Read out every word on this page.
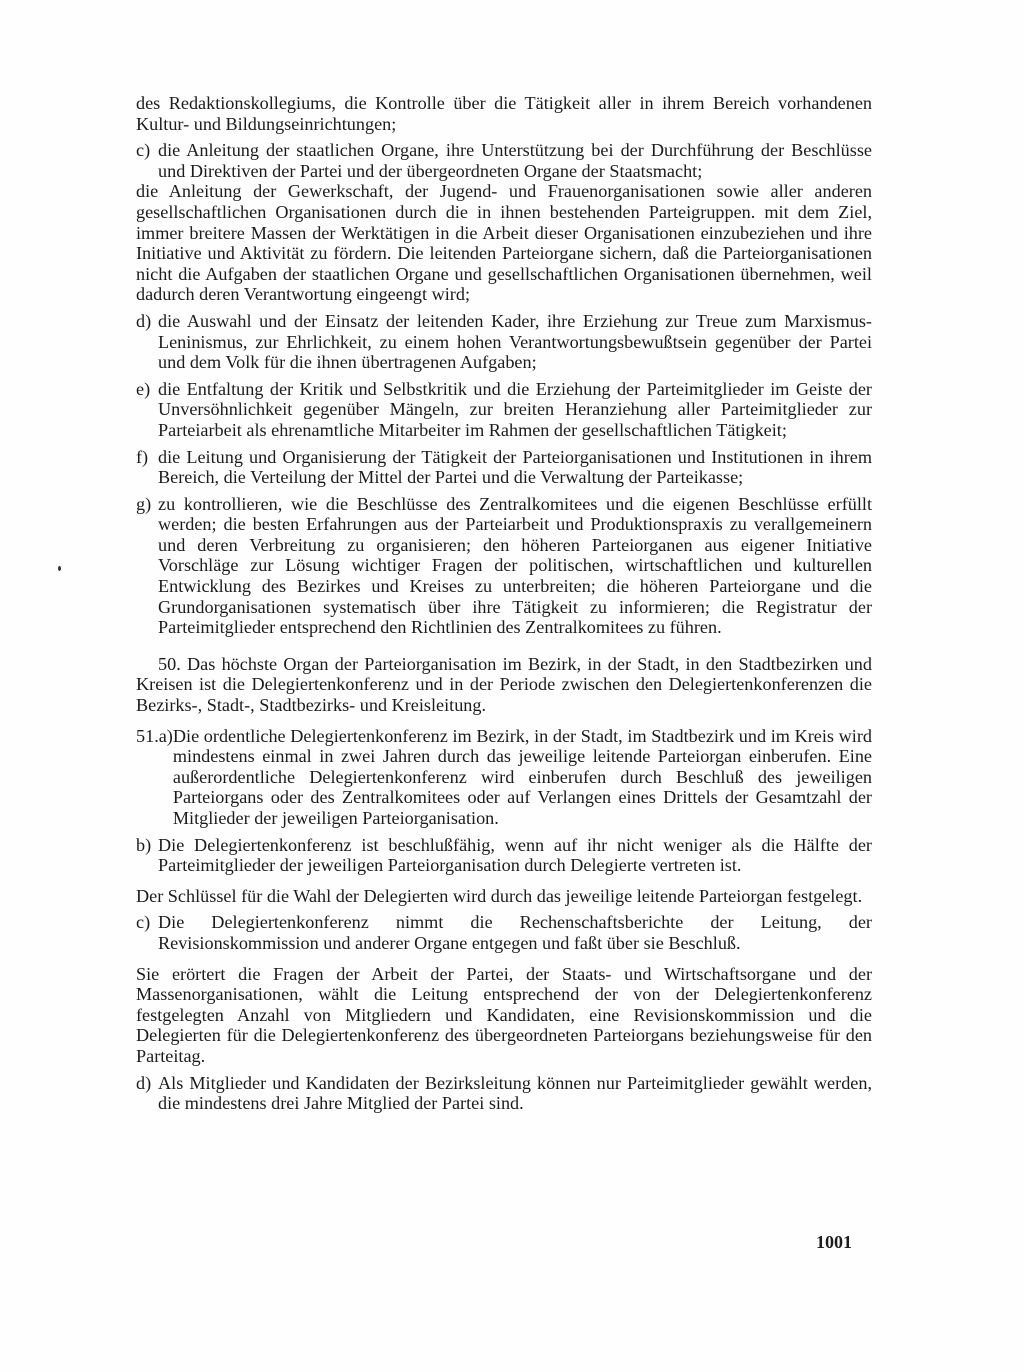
des Redaktionskollegiums, die Kontrolle über die Tätigkeit aller in ihrem Bereich vorhandenen Kultur- und Bildungseinrichtungen;

c) die Anleitung der staatlichen Organe, ihre Unterstützung bei der Durchführung der Beschlüsse und Direktiven der Partei und der übergeordneten Organe der Staatsmacht;

die Anleitung der Gewerkschaft, der Jugend- und Frauenorganisationen sowie aller anderen gesellschaftlichen Organisationen durch die in ihnen bestehenden Parteigruppen. mit dem Ziel, immer breitere Massen der Werktätigen in die Arbeit dieser Organisationen einzubeziehen und ihre Initiative und Aktivität zu fördern. Die leitenden Parteiorgane sichern, daß die Parteiorganisationen nicht die Aufgaben der staatlichen Organe und gesellschaftlichen Organisationen übernehmen, weil dadurch deren Verantwortung eingeengt wird;

d) die Auswahl und der Einsatz der leitenden Kader, ihre Erziehung zur Treue zum Marxismus-Leninismus, zur Ehrlichkeit, zu einem hohen Verantwortungsbewußtsein gegenüber der Partei und dem Volk für die ihnen übertragenen Aufgaben;
e) die Entfaltung der Kritik und Selbstkritik und die Erziehung der Parteimitglieder im Geiste der Unversöhnlichkeit gegenüber Mängeln, zur breiten Heranziehung aller Parteimitglieder zur Parteiarbeit als ehrenamtliche Mitarbeiter im Rahmen der gesellschaftlichen Tätigkeit;
f) die Leitung und Organisierung der Tätigkeit der Parteiorganisationen und Institutionen in ihrem Bereich, die Verteilung der Mittel der Partei und die Verwaltung der Parteikasse;
g) zu kontrollieren, wie die Beschlüsse des Zentralkomitees und die eigenen Beschlüsse erfüllt werden; die besten Erfahrungen aus der Parteiarbeit und Produktionspraxis zu verallgemeinern und deren Verbreitung zu organisieren; den höheren Parteiorganen aus eigener Initiative Vorschläge zur Lösung wichtiger Fragen der politischen, wirtschaftlichen und kulturellen Entwicklung des Bezirkes und Kreises zu unterbreiten; die höheren Parteiorgane und die Grundorganisationen systematisch über ihre Tätigkeit zu informieren; die Registratur der Parteimitglieder entsprechend den Richtlinien des Zentralkomitees zu führen.

50. Das höchste Organ der Parteiorganisation im Bezirk, in der Stadt, in den Stadtbezirken und Kreisen ist die Delegiertenkonferenz und in der Periode zwischen den Delegiertenkonferenzen die Bezirks-, Stadt-, Stadtbezirks- und Kreisleitung.

51.a) Die ordentliche Delegiertenkonferenz im Bezirk, in der Stadt, im Stadtbezirk und im Kreis wird mindestens einmal in zwei Jahren durch das jeweilige leitende Parteiorgan einberufen. Eine außerordentliche Delegiertenkonferenz wird einberufen durch Beschluß des jeweiligen Parteiorgans oder des Zentralkomitees oder auf Verlangen eines Drittels der Gesamtzahl der Mitglieder der jeweiligen Parteiorganisation.
b) Die Delegiertenkonferenz ist beschlußfähig, wenn auf ihr nicht weniger als die Hälfte der Parteimitglieder der jeweiligen Parteiorganisation durch Delegierte vertreten ist.

Der Schlüssel für die Wahl der Delegierten wird durch das jeweilige leitende Parteiorgan festgelegt.

c) Die Delegiertenkonferenz nimmt die Rechenschaftsberichte der Leitung, der Revisionskommission und anderer Organe entgegen und faßt über sie Beschluß.

Sie erörtert die Fragen der Arbeit der Partei, der Staats- und Wirtschaftsorgane und der Massenorganisationen, wählt die Leitung entsprechend der von der Delegiertenkonferenz festgelegten Anzahl von Mitgliedern und Kandidaten, eine Revisionskommission und die Delegierten für die Delegiertenkonferenz des übergeordneten Parteiorgans beziehungsweise für den Parteitag.

d) Als Mitglieder und Kandidaten der Bezirksleitung können nur Parteimitglieder gewählt werden, die mindestens drei Jahre Mitglied der Partei sind.
1001
